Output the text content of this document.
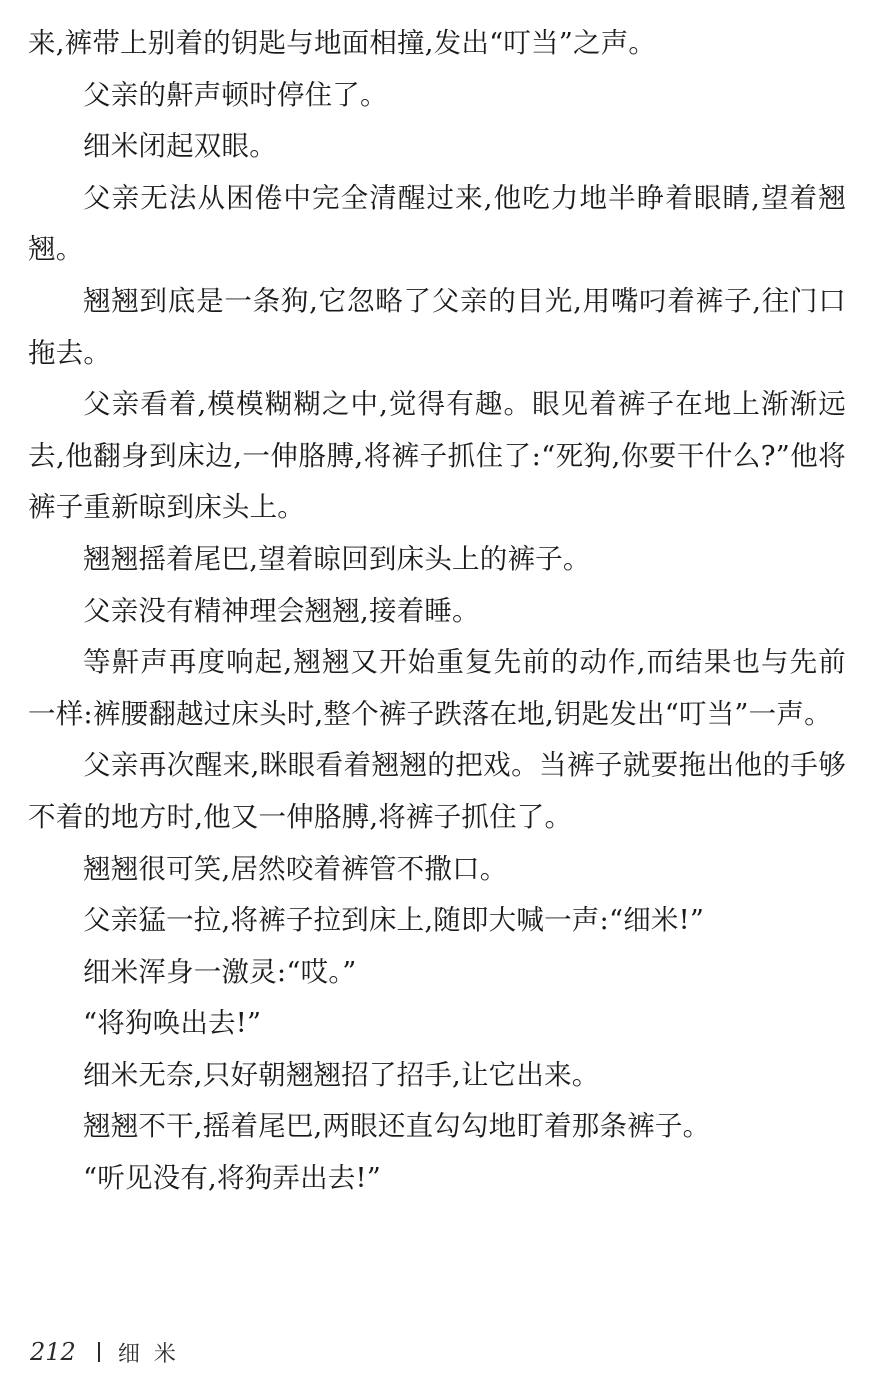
来,裤带上别着的钥匙与地面相撞,发出“叮当”之声。

父亲的鼾声顿时停住了。

细米闭起双眼。

父亲无法从困倦中完全清醒过来,他吃力地半睁着眼睛,望着翘翘。

翘翘到底是一条狗,它忽略了父亲的目光,用嘴叼着裤子,往门口拖去。

父亲看着,模模糊糊之中,觉得有趣。眼见着裤子在地上渐渐远去,他翻身到床边,一伸胳膊,将裤子抓住了:“死狗,你要干什么?”他将裤子重新晾到床头上。

翘翘摇着尾巴,望着晾回到床头上的裤子。

父亲没有精神理会翘翘,接着睡。

等鼾声再度响起,翘翘又开始重复先前的动作,而结果也与先前一样:裤腰翻越过床头时,整个裤子跌落在地,钥匙发出“叮当”一声。

父亲再次醒来,眯眼看着翘翘的把戏。当裤子就要拖出他的手够不着的地方时,他又一伸胳膊,将裤子抓住了。

翘翘很可笑,居然咬着裤管不撒口。

父亲猛一拉,将裤子拉到床上,随即大喊一声:“细米!”

细米浑身一激灵:“哎。”

“将狗唤出去!”

细米无奈,只好朝翘翘招了招手,让它出来。

翘翘不干,摇着尾巴,两眼还直勾勾地盯着那条裤子。

“听见没有,将狗弄出去!”

212 细米
